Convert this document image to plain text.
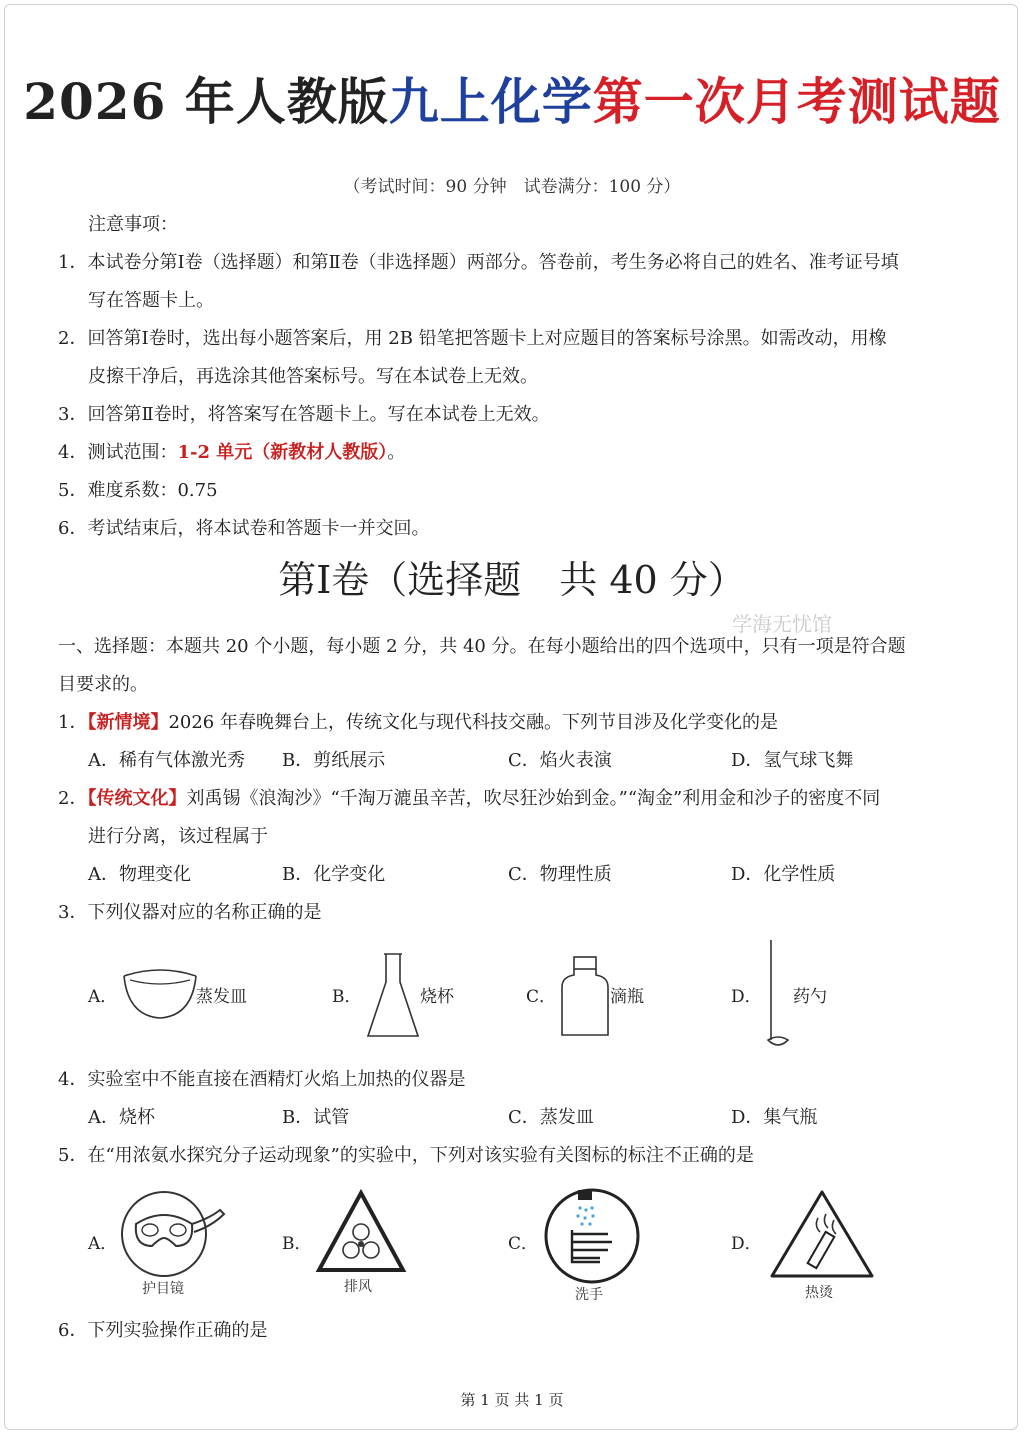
2026 年人教版九上化学第一次月考测试题
（考试时间：90 分钟　试卷满分：100 分）
注意事项：
1．本试卷分第Ⅰ卷（选择题）和第Ⅱ卷（非选择题）两部分。答卷前，考生务必将自己的姓名、准考证号填
写在答题卡上。
2．回答第Ⅰ卷时，选出每小题答案后，用 2B 铅笔把答题卡上对应题目的答案标号涂黑。如需改动，用橡
皮擦干净后，再选涂其他答案标号。写在本试卷上无效。
3．回答第Ⅱ卷时，将答案写在答题卡上。写在本试卷上无效。
4．测试范围：1-2 单元（新教材人教版）。
5．难度系数：0.75
6．考试结束后，将本试卷和答题卡一并交回。
第Ⅰ卷（选择题　共 40 分）
学海无忧馆
一、选择题：本题共 20 个小题，每小题 2 分，共 40 分。在每小题给出的四个选项中，只有一项是符合题
目要求的。
1．【新情境】2026 年春晚舞台上，传统文化与现代科技交融。下列节目涉及化学变化的是
A．稀有气体激光秀 B．剪纸展示	C．焰火表演	D．氢气球飞舞
2．【传统文化】刘禹锡《浪淘沙》“千淘万漉虽辛苦，吹尽狂沙始到金。”“淘金”利用金和沙子的密度不同
进行分离，该过程属于
A．物理变化	B．化学变化	C．物理性质	D．化学性质
3．下列仪器对应的名称正确的是
A．	蒸发皿	B．	烧杯	C．	滴瓶	D． 药勺
4．实验室中不能直接在酒精灯火焰上加热的仪器是
A．烧杯	B．试管	C．蒸发皿	D．集气瓶
5．在“用浓氨水探究分子运动现象”的实验中，下列对该实验有关图标的标注不正确的是
A．
护目镜
B．
排风
C．
洗手
D．
热烫
6．下列实验操作正确的是
第 1 页 共 1 页
